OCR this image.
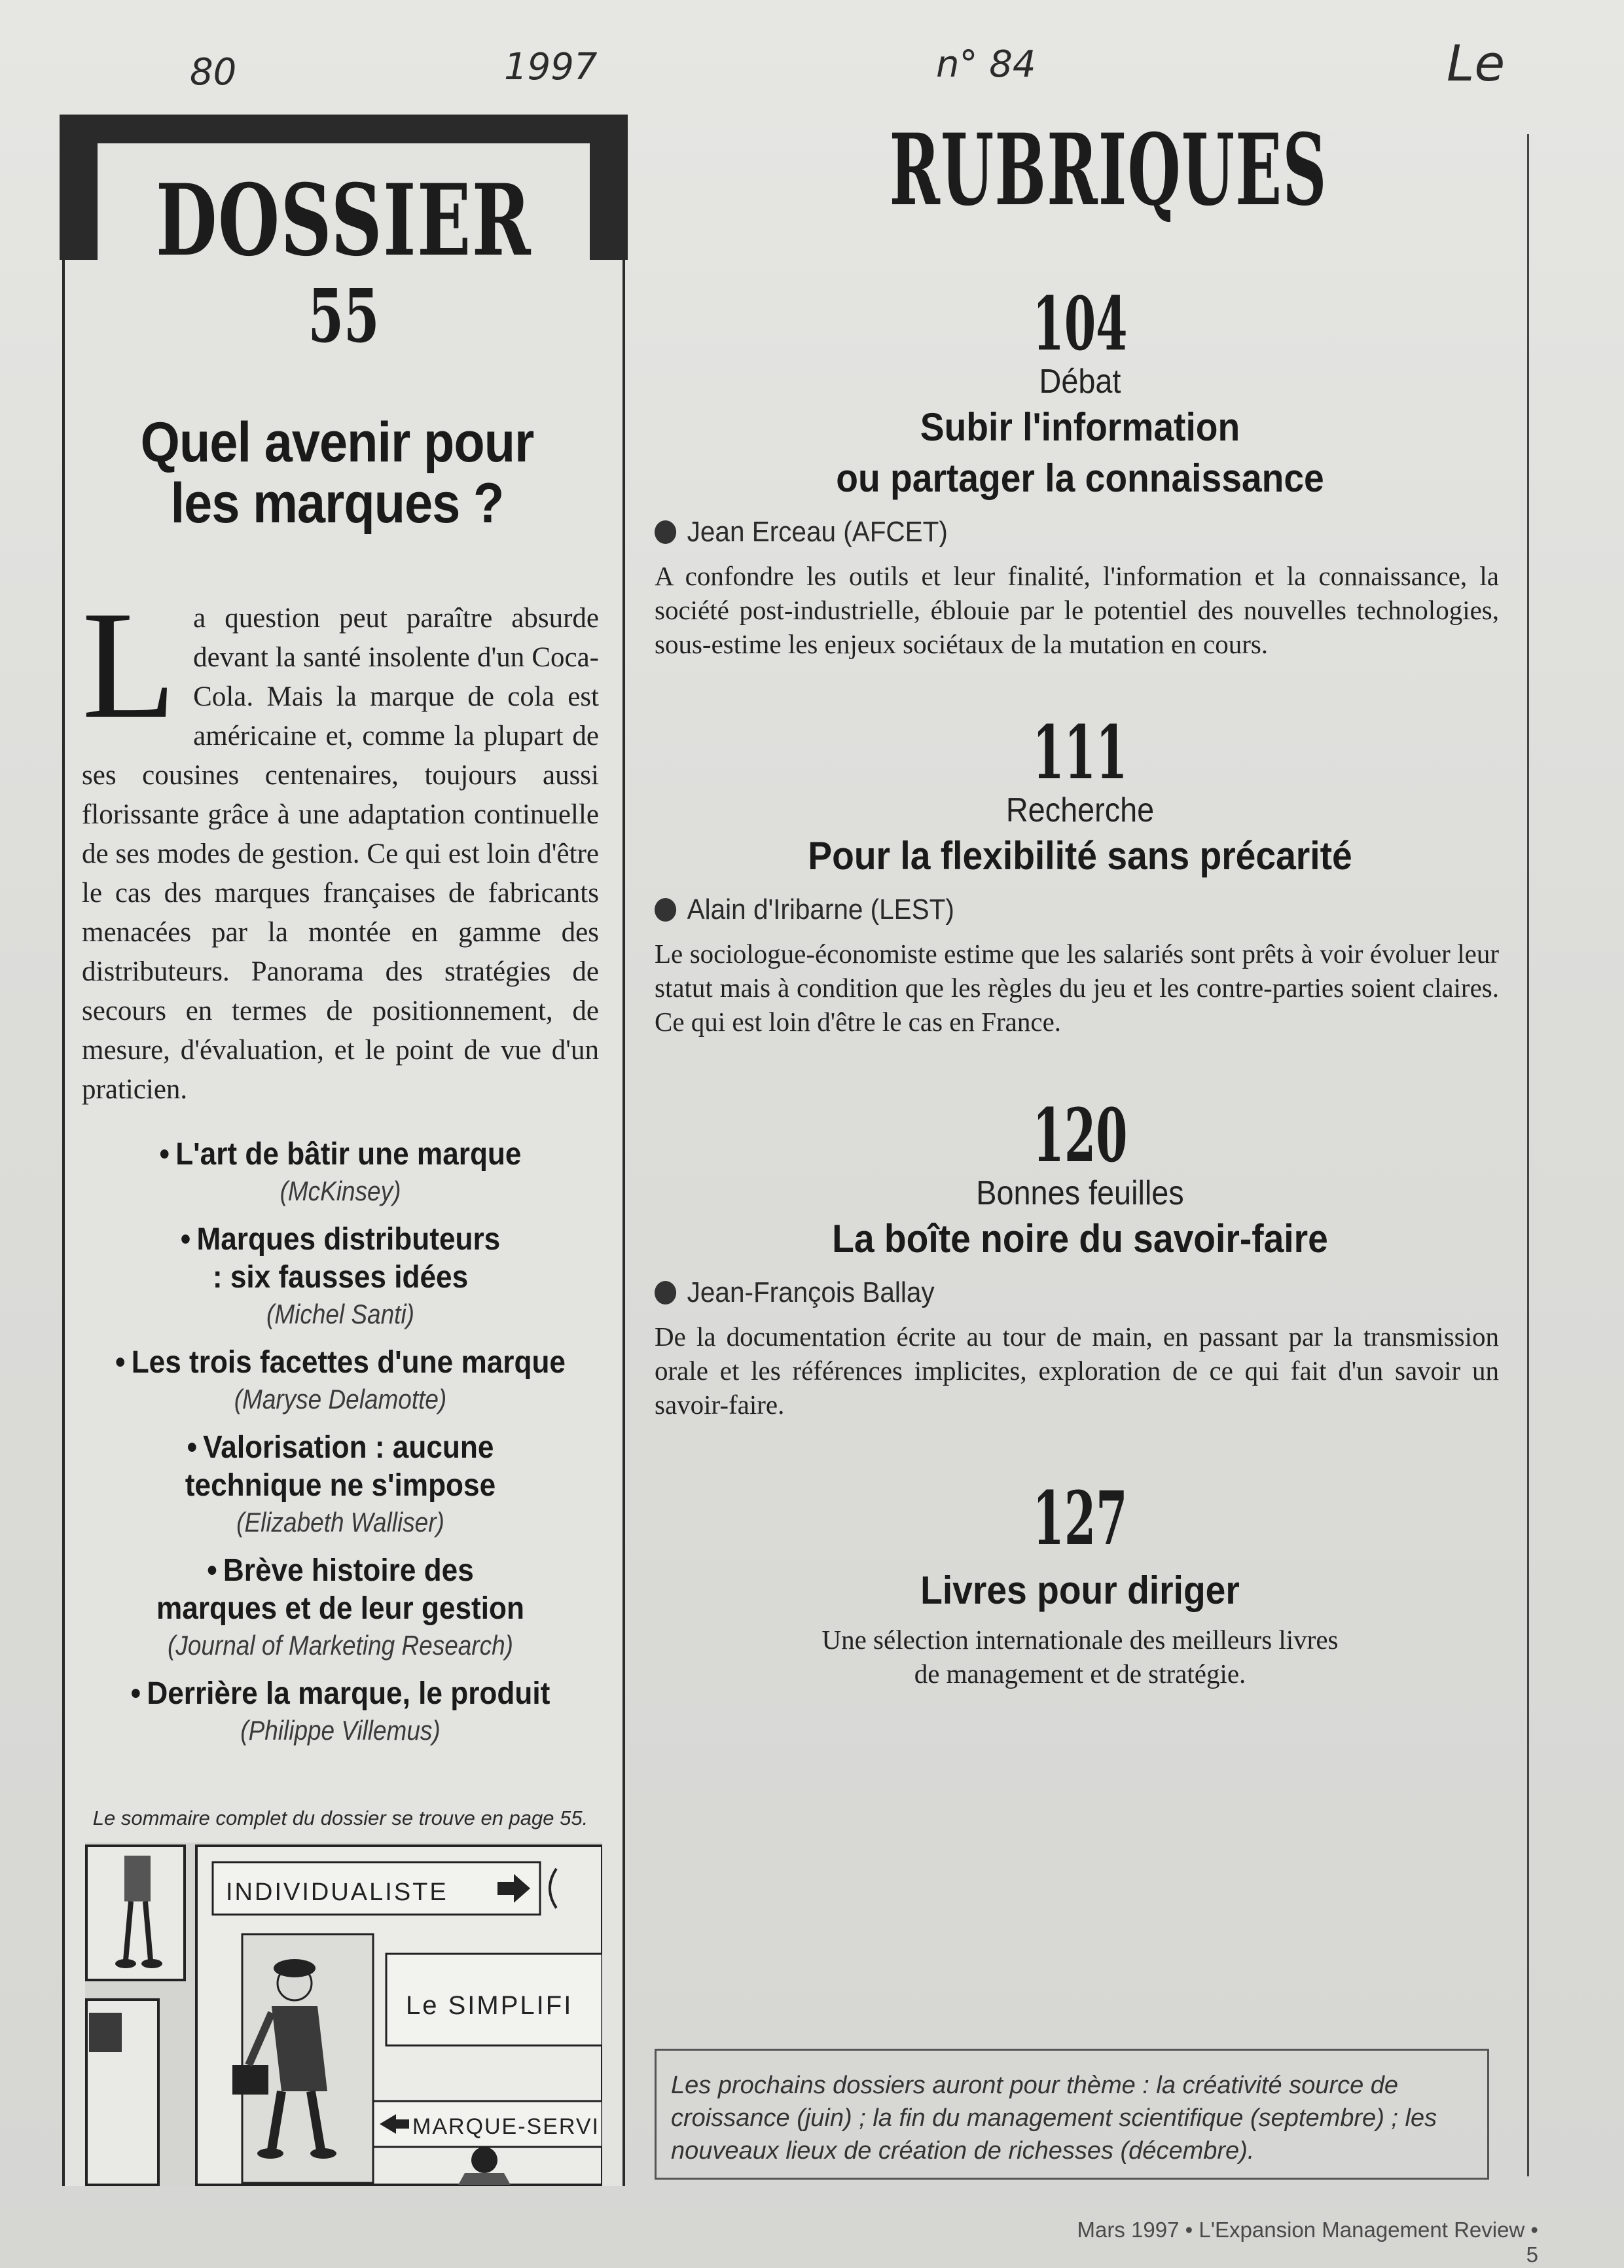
80	1997	n° 84	Le
DOSSIER
55
Quel avenir pour
les marques ?
L a question peut paraître absurde devant la santé insolente d'un Coca-Cola. Mais la marque de cola est américaine et, comme la plupart de ses cousines centenaires, toujours aussi florissante grâce à une adaptation continuelle de ses modes de gestion. Ce qui est loin d'être le cas des marques françaises de fabricants menacées par la montée en gamme des distributeurs. Panorama des stratégies de secours en termes de positionnement, de mesure, d'évaluation, et le point de vue d'un praticien.
• L'art de bâtir une marque
(McKinsey)
• Marques distributeurs : six fausses idées
(Michel Santi)
• Les trois facettes d'une marque
(Maryse Delamotte)
• Valorisation : aucune technique ne s'impose
(Elizabeth Walliser)
• Brève histoire des marques et de leur gestion
(Journal of Marketing Research)
• Derrière la marque, le produit
(Philippe Villemus)
Le sommaire complet du dossier se trouve en page 55.
INDIVIDUALISTE
Le SIMPLIFI
MARQUE-SERVI
RUBRIQUES
104
Débat
Subir l'information
ou partager la connaissance
Jean Erceau (AFCET)
A confondre les outils et leur finalité, l'information et la connaissance, la société post-industrielle, éblouie par le potentiel des nouvelles technologies, sous-estime les enjeux sociétaux de la mutation en cours.
111
Recherche
Pour la flexibilité sans précarité
Alain d'Iribarne (LEST)
Le sociologue-économiste estime que les salariés sont prêts à voir évoluer leur statut mais à condition que les règles du jeu et les contre-parties soient claires. Ce qui est loin d'être le cas en France.
120
Bonnes feuilles
La boîte noire du savoir-faire
Jean-François Ballay
De la documentation écrite au tour de main, en passant par la transmission orale et les références implicites, exploration de ce qui fait d'un savoir un savoir-faire.
127
Livres pour diriger
Une sélection internationale des meilleurs livres
de management et de stratégie.
Les prochains dossiers auront pour thème : la créativité source de croissance (juin) ; la fin du management scientifique (septembre) ; les nouveaux lieux de création de richesses (décembre).
Mars 1997 • L'Expansion Management Review • 5
